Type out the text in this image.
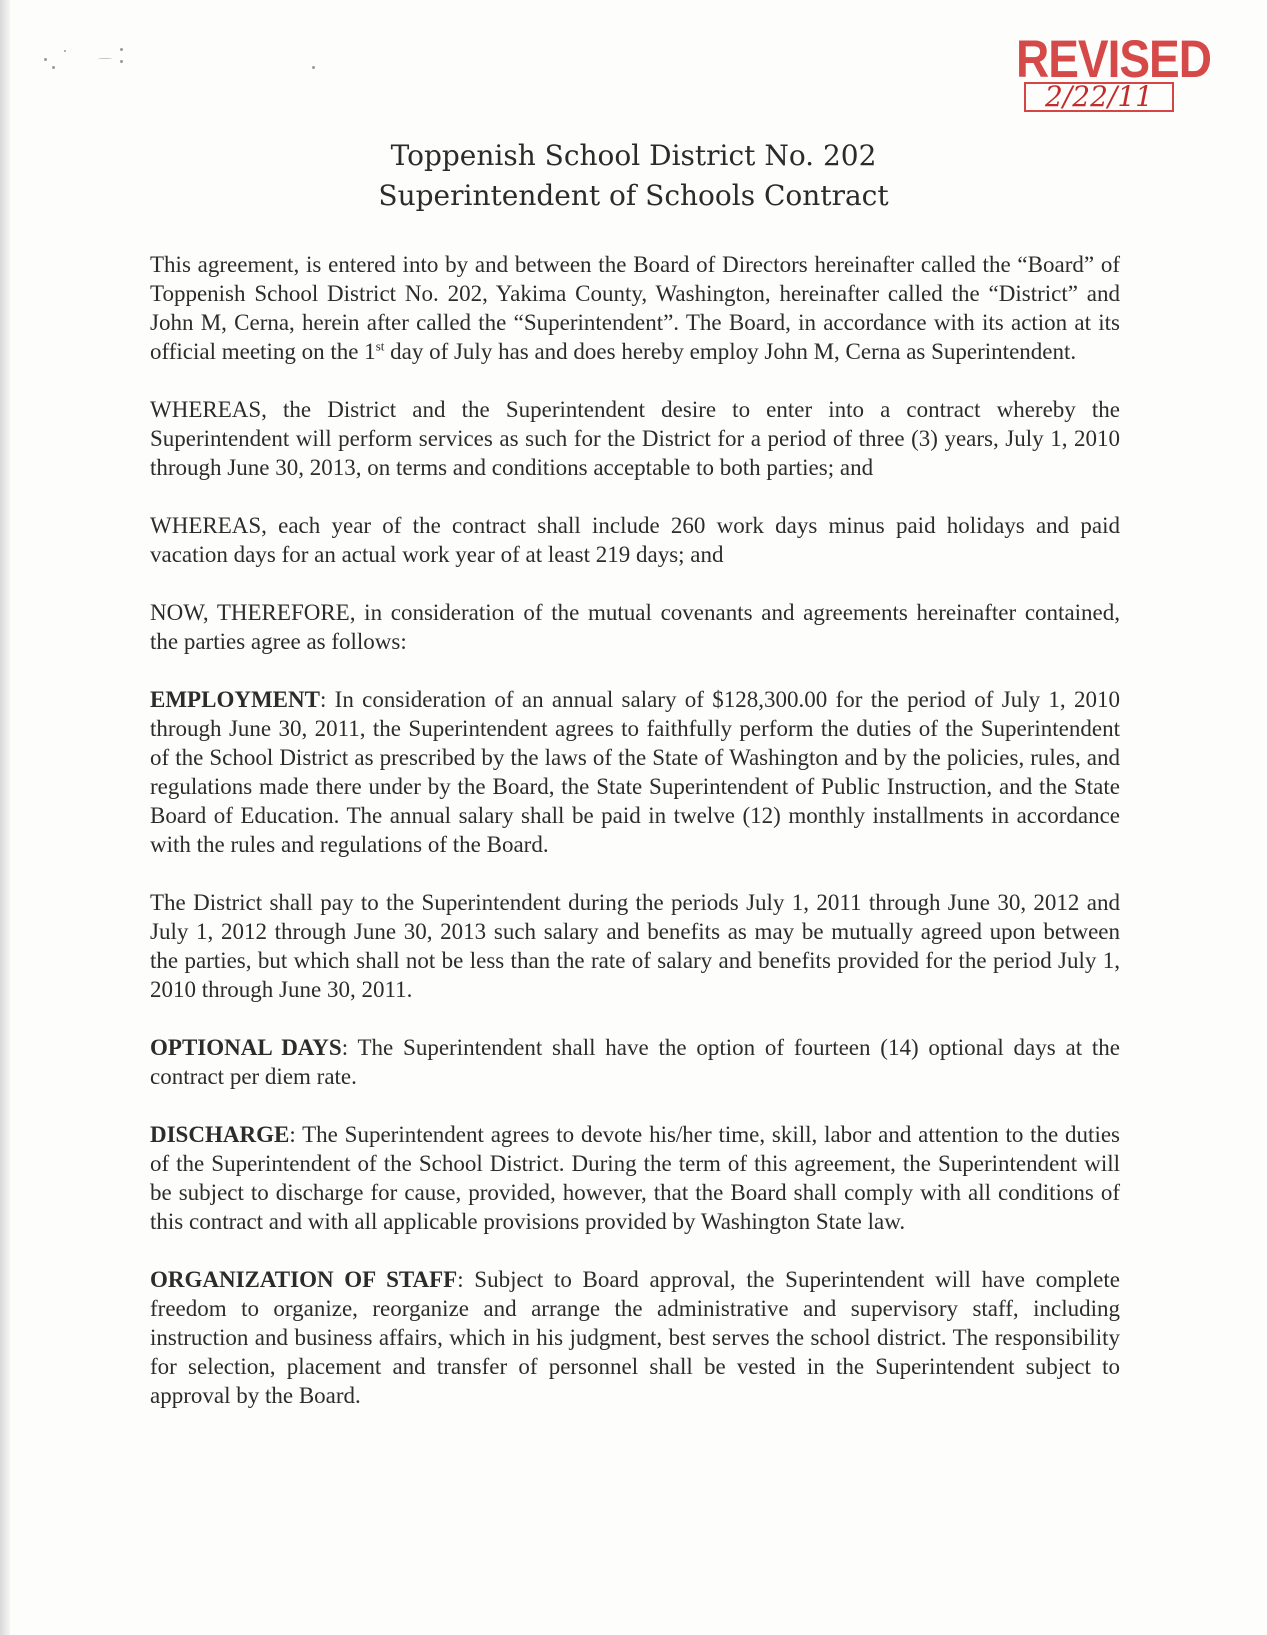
REVISED
2/22/11
Toppenish School District No. 202
Superintendent of Schools Contract

This agreement, is entered into by and between the Board of Directors hereinafter called the “Board” of Toppenish School District No. 202, Yakima County, Washington, hereinafter called the “District” and John M, Cerna, herein after called the “Superintendent”. The Board, in accordance with its action at its official meeting on the 1st day of July has and does hereby employ John M, Cerna as Superintendent.

WHEREAS, the District and the Superintendent desire to enter into a contract whereby the Superintendent will perform services as such for the District for a period of three (3) years, July 1, 2010 through June 30, 2013, on terms and conditions acceptable to both parties; and

WHEREAS, each year of the contract shall include 260 work days minus paid holidays and paid vacation days for an actual work year of at least 219 days; and

NOW, THEREFORE, in consideration of the mutual covenants and agreements hereinafter contained, the parties agree as follows:

EMPLOYMENT: In consideration of an annual salary of $128,300.00 for the period of July 1, 2010 through June 30, 2011, the Superintendent agrees to faithfully perform the duties of the Superintendent of the School District as prescribed by the laws of the State of Washington and by the policies, rules, and regulations made there under by the Board, the State Superintendent of Public Instruction, and the State Board of Education. The annual salary shall be paid in twelve (12) monthly installments in accordance with the rules and regulations of the Board.

The District shall pay to the Superintendent during the periods July 1, 2011 through June 30, 2012 and July 1, 2012 through June 30, 2013 such salary and benefits as may be mutually agreed upon between the parties, but which shall not be less than the rate of salary and benefits provided for the period July 1, 2010 through June 30, 2011.

OPTIONAL DAYS: The Superintendent shall have the option of fourteen (14) optional days at the contract per diem rate.

DISCHARGE: The Superintendent agrees to devote his/her time, skill, labor and attention to the duties of the Superintendent of the School District. During the term of this agreement, the Superintendent will be subject to discharge for cause, provided, however, that the Board shall comply with all conditions of this contract and with all applicable provisions provided by Washington State law.

ORGANIZATION OF STAFF: Subject to Board approval, the Superintendent will have complete freedom to organize, reorganize and arrange the administrative and supervisory staff, including instruction and business affairs, which in his judgment, best serves the school district. The responsibility for selection, placement and transfer of personnel shall be vested in the Superintendent subject to approval by the Board.
